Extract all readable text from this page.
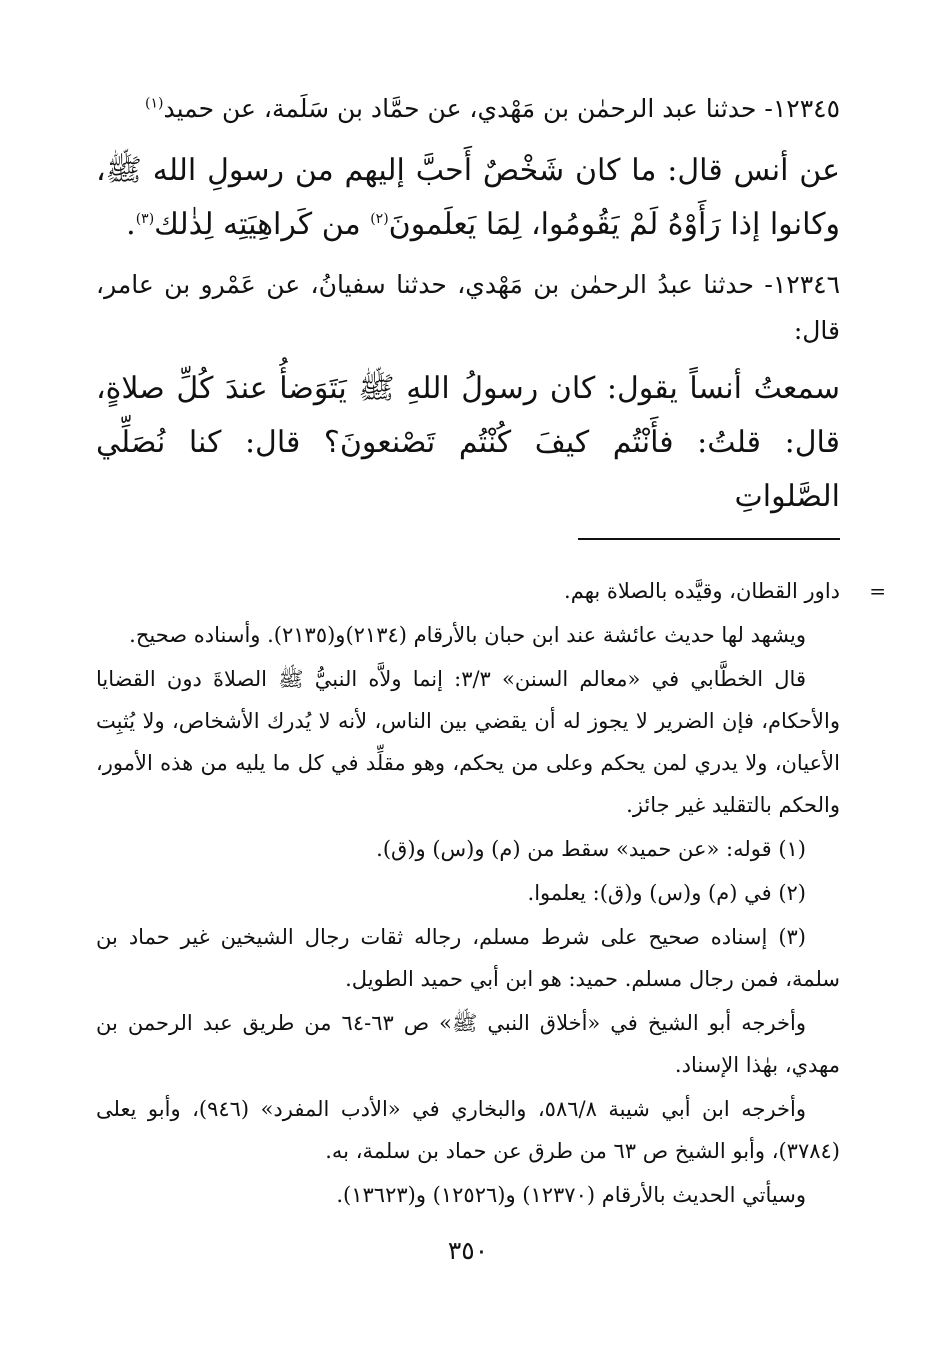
١٢٣٤٥- حدثنا عبد الرحمٰن بن مَهْدي، عن حمَّاد بن سَلَمة، عن حميد$^{(١)}$

عن أنس قال: ما كان شَخْصٌ أَحبَّ إليهم من رسولِ الله ﷺ، وكانوا إذا رَأَوْهُ لَمْ يَقُومُوا، لِمَا يَعلَمونَ$^{(٢)}$ من كَراهِيَتِه لِذٰلك$^{(٣)}$.

١٢٣٤٦- حدثنا عبدُ الرحمٰن بن مَهْدي، حدثنا سفيانُ، عن عَمْرو بن عامر، قال:

سمعتُ أنساً يقول: كان رسولُ اللهِ ﷺ يَتَوَضأُ عندَ كُلِّ صلاةٍ، قال: قلتُ: فأَنْتُم كيفَ كُنْتُم تَصْنعونَ؟ قال: كنا نُصَلِّي الصَّلواتِ

=
داور القطان، وقيَّده بالصلاة بهم.

ويشهد لها حديث عائشة عند ابن حبان بالأرقام (٢١٣٤)و(٢١٣٥). وأسناده صحيح.

قال الخطَّابي في «معالم السنن» ٣/٣: إنما ولاَّه النبيُّ ﷺ الصلاةَ دون القضايا والأحكام، فإن الضرير لا يجوز له أن يقضي بين الناس، لأنه لا يُدرك الأشخاص، ولا يُثبِت الأعيان، ولا يدري لمن يحكم وعلى من يحكم، وهو مقلِّد في كل ما يليه من هذه الأمور، والحكم بالتقليد غير جائز.

(١) قوله: «عن حميد» سقط من (م) و(س) و(ق).

(٢) في (م) و(س) و(ق): يعلموا.

(٣) إسناده صحيح على شرط مسلم، رجاله ثقات رجال الشيخين غير حماد بن سلمة، فمن رجال مسلم. حميد: هو ابن أبي حميد الطويل.

وأخرجه أبو الشيخ في «أخلاق النبي ﷺ» ص ٦٣-٦٤ من طريق عبد الرحمن بن مهدي، بهٰذا الإسناد.

وأخرجه ابن أبي شيبة ٥٨٦/٨، والبخاري في «الأدب المفرد» (٩٤٦)، وأبو يعلى (٣٧٨٤)، وأبو الشيخ ص ٦٣ من طرق عن حماد بن سلمة، به.

وسيأتي الحديث بالأرقام (١٢٣٧٠) و(١٢٥٢٦) و(١٣٦٢٣).

٣٥٠
